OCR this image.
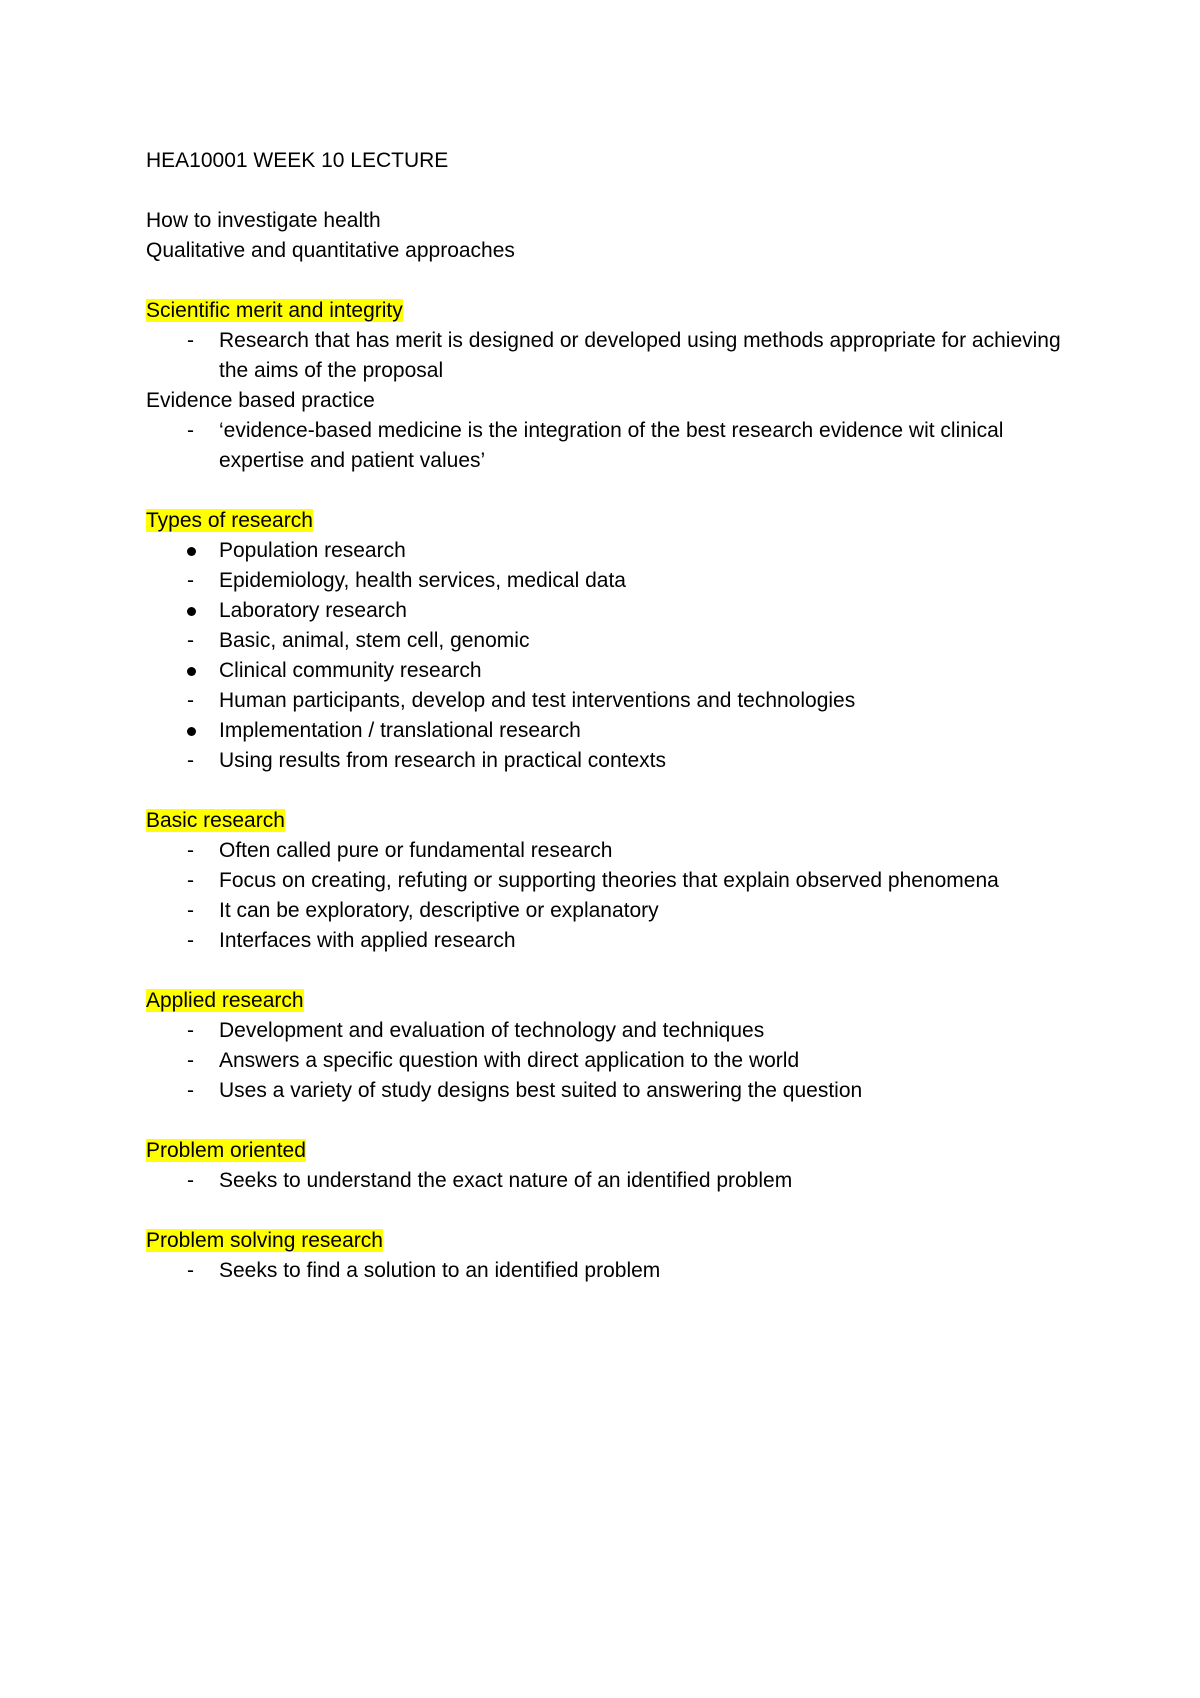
HEA10001 WEEK 10 LECTURE

How to investigate health

Qualitative and quantitative approaches

Scientific merit and integrity

Research that has merit is designed or developed using methods appropriate for achieving the aims of the proposal

Evidence based practice

‘evidence-based medicine is the integration of the best research evidence wit clinical expertise and patient values’

Types of research

Population research
Epidemiology, health services, medical data
Laboratory research
Basic, animal, stem cell, genomic
Clinical community research
Human participants, develop and test interventions and technologies
Implementation / translational research
Using results from research in practical contexts

Basic research

Often called pure or fundamental research
Focus on creating, refuting or supporting theories that explain observed phenomena
It can be exploratory, descriptive or explanatory
Interfaces with applied research

Applied research

Development and evaluation of technology and techniques
Answers a specific question with direct application to the world
Uses a variety of study designs best suited to answering the question

Problem oriented

Seeks to understand the exact nature of an identified problem

Problem solving research

Seeks to find a solution to an identified problem
